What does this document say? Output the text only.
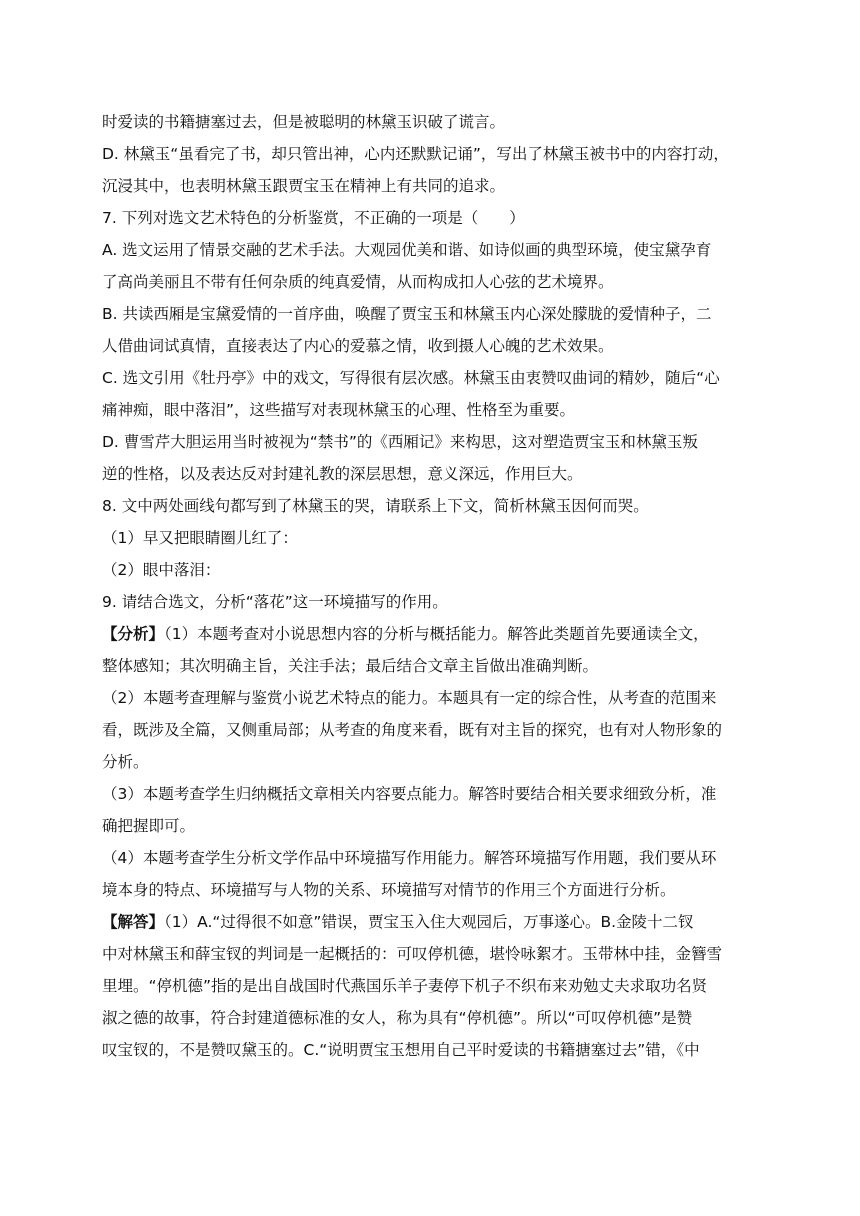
时爱读的书籍搪塞过去，但是被聪明的林黛玉识破了谎言。
D. 林黛玉“虽看完了书，却只管出神，心内还默默记诵”，写出了林黛玉被书中的内容打动，
沉浸其中，也表明林黛玉跟贾宝玉在精神上有共同的追求。
7. 下列对选文艺术特色的分析鉴赏，不正确的一项是（　　）
A. 选文运用了情景交融的艺术手法。大观园优美和谐、如诗似画的典型环境，使宝黛孕育
了高尚美丽且不带有任何杂质的纯真爱情，从而构成扣人心弦的艺术境界。
B. 共读西厢是宝黛爱情的一首序曲，唤醒了贾宝玉和林黛玉内心深处朦胧的爱情种子，二
人借曲词试真情，直接表达了内心的爱慕之情，收到摄人心魄的艺术效果。
C. 选文引用《牡丹亭》中的戏文，写得很有层次感。林黛玉由衷赞叹曲词的精妙，随后“心
痛神痴，眼中落泪”，这些描写对表现林黛玉的心理、性格至为重要。
D. 曹雪芹大胆运用当时被视为“禁书”的《西厢记》来构思，这对塑造贾宝玉和林黛玉叛
逆的性格，以及表达反对封建礼教的深层思想，意义深远，作用巨大。
8. 文中两处画线句都写到了林黛玉的哭，请联系上下文，简析林黛玉因何而哭。
（1）早又把眼睛圈儿红了：
（2）眼中落泪：
9. 请结合选文，分析“落花”这一环境描写的作用。
【分析】（1）本题考查对小说思想内容的分析与概括能力。解答此类题首先要通读全文，
整体感知；其次明确主旨，关注手法；最后结合文章主旨做出准确判断。
（2）本题考查理解与鉴赏小说艺术特点的能力。本题具有一定的综合性，从考查的范围来
看，既涉及全篇，又侧重局部；从考查的角度来看，既有对主旨的探究，也有对人物形象的
分析。
（3）本题考查学生归纳概括文章相关内容要点能力。解答时要结合相关要求细致分析，准
确把握即可。
（4）本题考查学生分析文学作品中环境描写作用能力。解答环境描写作用题，我们要从环
境本身的特点、环境描写与人物的关系、环境描写对情节的作用三个方面进行分析。
【解答】（1）A.“过得很不如意”错误，贾宝玉入住大观园后，万事遂心。B.金陵十二钗
中对林黛玉和薛宝钗的判词是一起概括的：可叹停机德，堪怜咏絮才。玉带林中挂，金簪雪
里埋。“停机德”指的是出自战国时代燕国乐羊子妻停下机子不织布来劝勉丈夫求取功名贤
淑之德的故事，符合封建道德标准的女人，称为具有“停机德”。所以“可叹停机德”是赞
叹宝钗的，不是赞叹黛玉的。C.“说明贾宝玉想用自己平时爱读的书籍搪塞过去”错，《中
